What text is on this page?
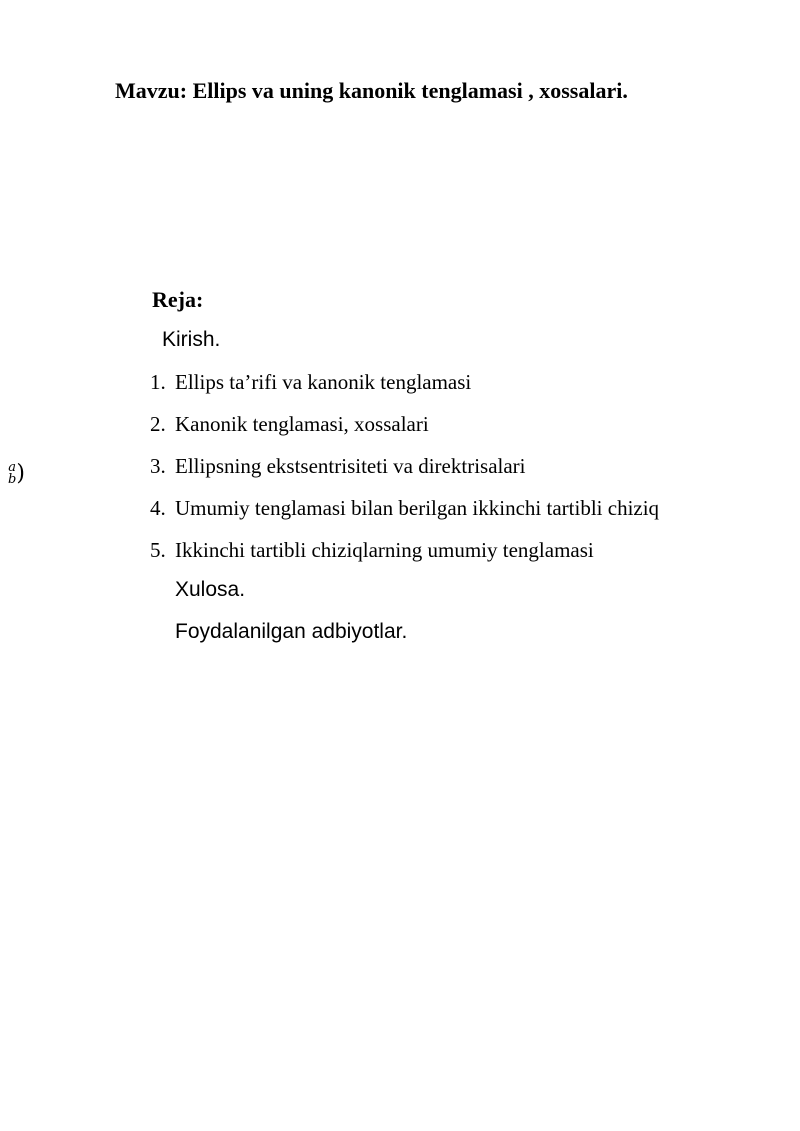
Mavzu: Ellips va uning kanonik tenglamasi , xossalari.
a
b)
Reja:
Kirish.
1. Ellips ta’rifi va kanonik tenglamasi
2. Kanonik tenglamasi, xossalari
3. Ellipsning ekstsentrisiteti va direktrisalari
4. Umumiy tenglamasi bilan berilgan ikkinchi tartibli chiziq
5. Ikkinchi tartibli chiziqlarning umumiy tenglamasi
Xulosa.
Foydalanilgan adbiyotlar.
